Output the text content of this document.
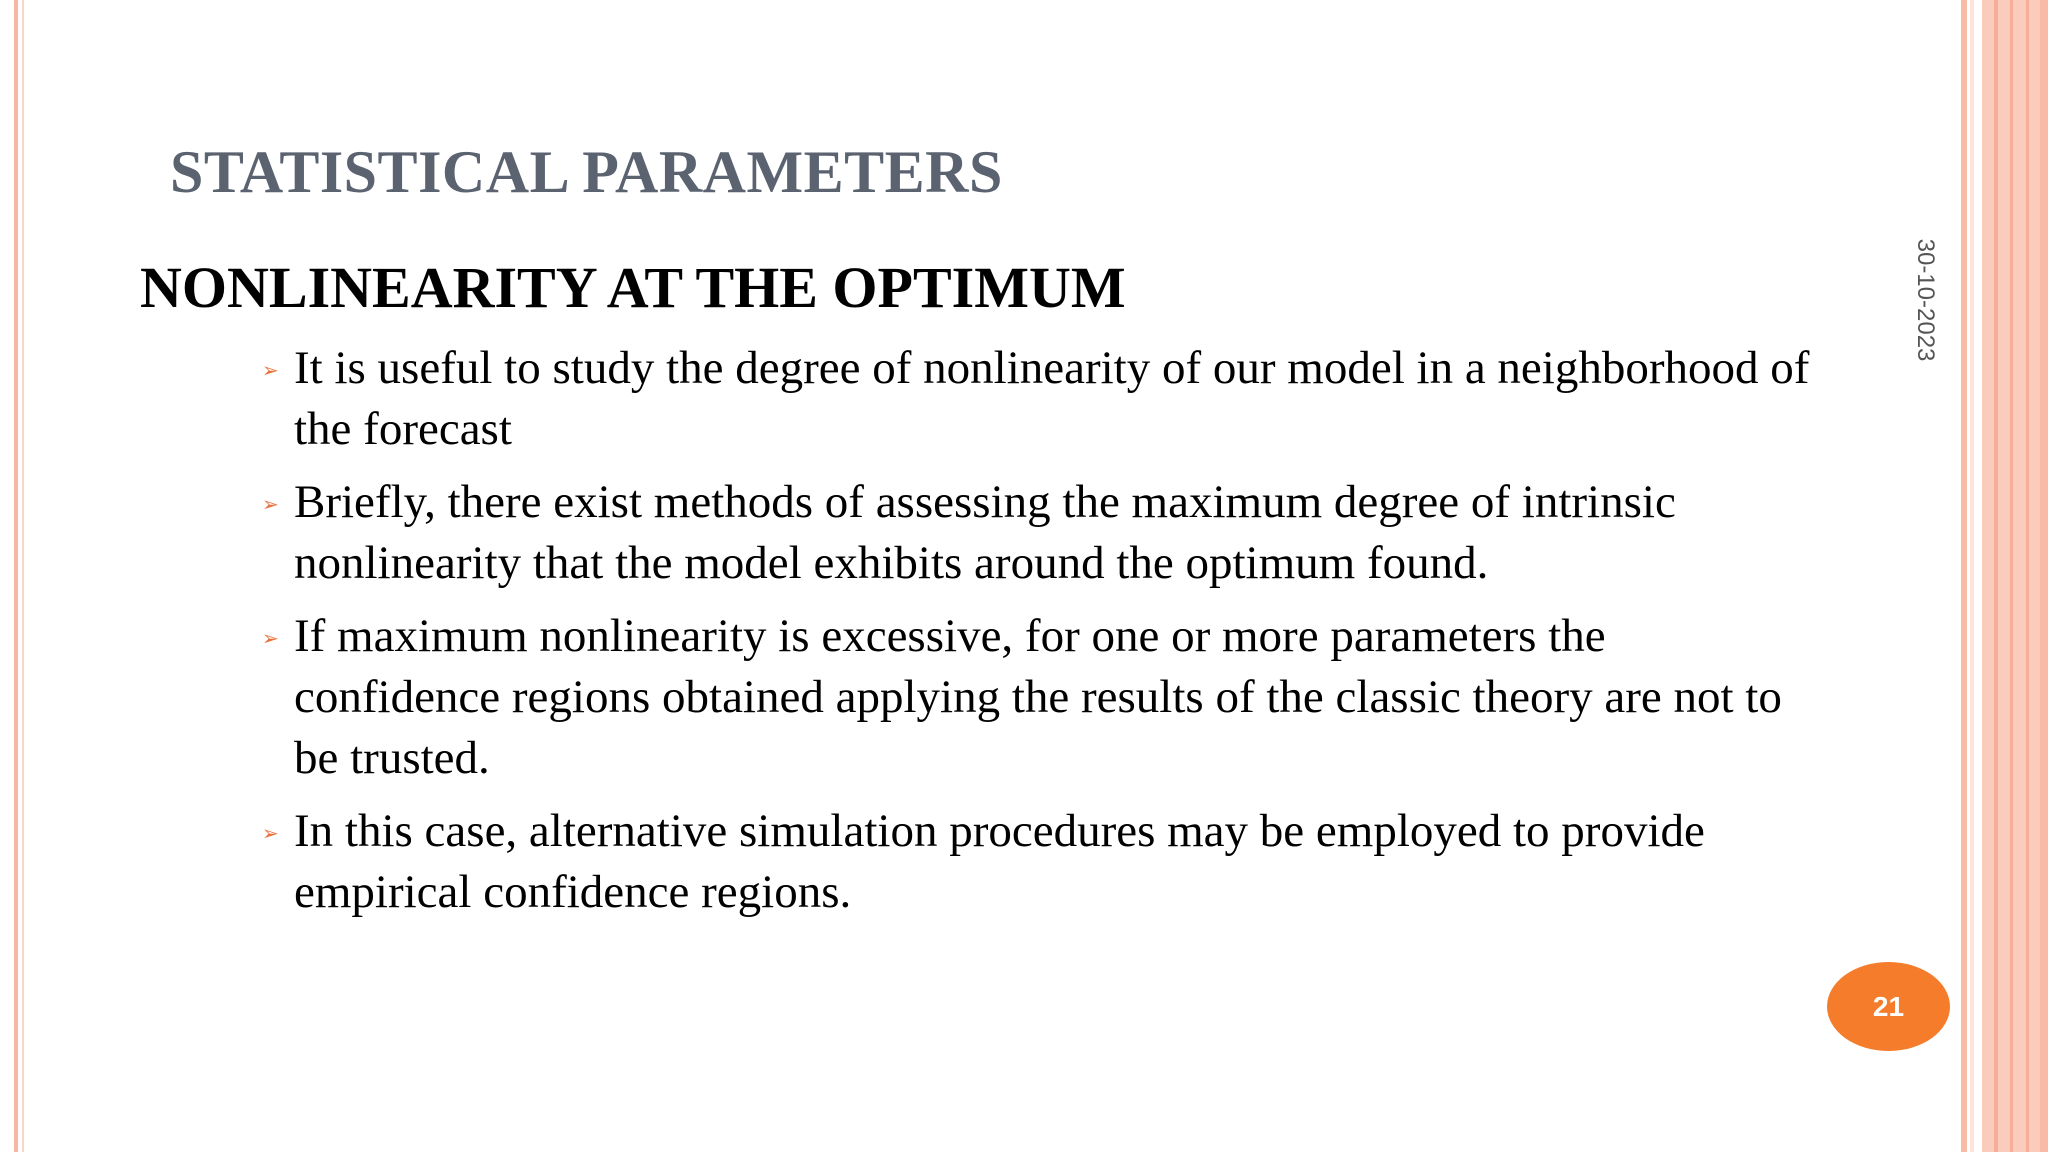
STATISTICAL PARAMETERS
NONLINEARITY AT THE OPTIMUM
➢ It is useful to study the degree of nonlinearity of our model in a neighborhood of the forecast
➢ Briefly, there exist methods of assessing the maximum degree of intrinsic nonlinearity that the model exhibits around the optimum found.
➢ If maximum nonlinearity is excessive, for one or more parameters the confidence regions obtained applying the results of the classic theory are not to be trusted.
➢ In this case, alternative simulation procedures may be employed to provide empirical confidence regions.
30-10-2023
21
